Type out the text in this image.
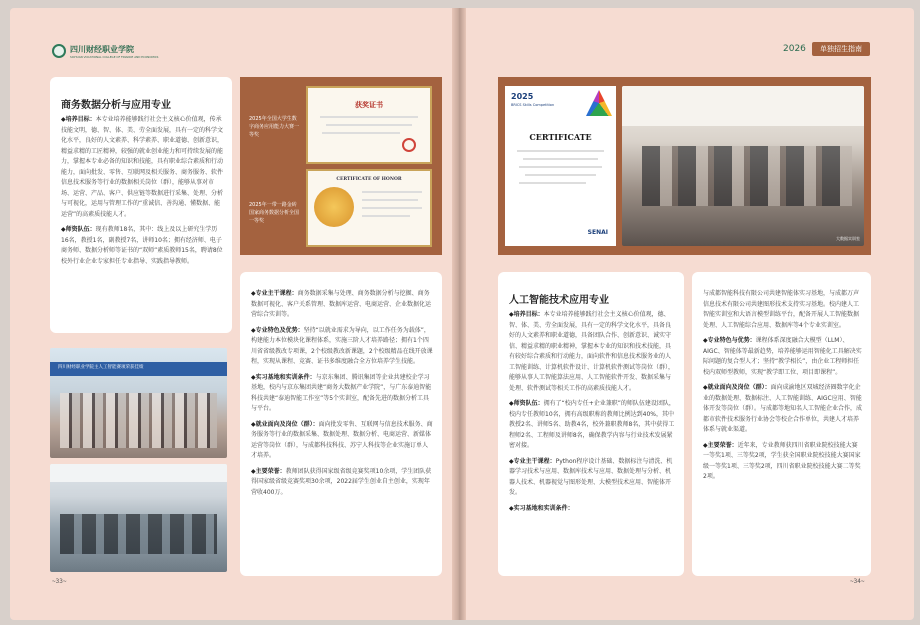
四川财经职业学院
SICHUAN VOCATIONAL COLLEGE OF FINANCE AND ECONOMICS
商务数据分析与应用专业

◆培养目标：本专业培养能够践行社会主义核心价值观，传承技能文明，德、智、体、美、劳全面发展，具有一定的科学文化水平，良好的人文素养、科学素养、职业道德、创新意识，精益求精的工匠精神，较强的就业创业能力和可持续发展的能力，掌握本专业必备的知识和技能，具有职业综合素质和行动能力，面向批发、零售、互联网及相关服务、商务服务、软件信息技术服务等行业的数据相关岗位（群），能够从事对市场、运营、产品、客户、供应链等数据进行采集、处理、分析与可视化，运用与管理工作的“重诚信、善沟通、懂数据、能运营”的高素质技能人才。

◆师资队伍：现有教师18名，其中：线上及以上研究生学历16名，教授1名，副教授7名，讲师10名；拥有经济师、电子商务师、数据分析师等证书的“双师”素质教师15名，聘请8位校外行业企业专家担任专业指导、实践指导教师。

2025年全国大学生数字商务应用能力大赛一等奖
2025年一带一路金砖国家商务数据分析全国一等奖
获奖证书
CERTIFICATE OF HONOR

◆专业主干课程：商务数据采集与处理、商务数据分析与挖掘、商务数据可视化、客户关系管理、数据库运营、电商运营、企业数据化运营综合实训等。

◆专业特色及优势：坚持“以就业需求为导向，以工作任务为载体”，构建能力本位模块化课程体系，实施三阶人才培养路径；拥有1个四川省省级教改专项课，2个校级教改新课题，2个校级精品在线开放课程，实现从课程、竞赛、证书多维度融合全方位培养学生技能。

◆实习基地和实训条件：与京东集团、腾讯集团等企业共建校企学习基地，校内与京东集团共建“商务大数据产业学院”，与广东泰迪智能科技共建“泰迪智能工作室”等5个实训室，配备先进的数据分析工具与平台。

◆就业面向及岗位（群）：面向批发零售、互联网与信息技术服务、商务服务等行业的数据采集、数据处理、数据分析、电商运营、新媒体运营等岗位（群），与成都科技科技、苏宁人科技等企业实施订单人才培养。

◆主要荣誉：教师团队获得国家级省级竞赛奖项10余项，学生团队获得国家级省级竞赛奖项30余项，2022届学生创业自主创业，实现年营收400万。

四川财经职业学院主人工智能赛项荣获佳绩
~33~
2026	单独招生指南
2025
BRICS Skills Competition
CERTIFICATE
SENAI
大数据实训室
人工智能技术应用专业

◆培养目标：本专业培养能够践行社会主义核心价值观，德、智、体、美、劳全面发展，具有一定的科学文化水平，具备良好的人文素养和职业道德，具备团队合作、创新意识、诚实守信、精益求精的职业精神，掌握本专业的知识和技术技能，具有较好综合素质和行动能力，面向软件和信息技术服务业的人工智能训练、计算机软件设计、计算机软件测试等岗位（群），能够从事人工智能算法应用、人工智能软件开发、数据采集与处理、软件测试等相关工作的高素质技能人才。

◆师资队伍：拥有了“校内专任+企业兼职”的师队伍建设团队，校内专任教师10名，拥有高级职称的教师比例达到40%，其中教授2名、讲师5名、助教4名，校外兼职教师8名，其中获得工程师2名、工程师及讲师8名，确保教学内容与行业技术发展紧密对接。

◆专业主干课程：Python程序设计基础、数据标注与清洗、机器学习技术与应用、数据库技术与应用、数据处理与分析、机器人技术、机器视觉与图形处理、大模型技术应用、智能体开发。

◆实习基地和实训条件：

与成都智能科技有限公司共建智能体实习基地，与成都万声信息技术有限公司共建图形技术支持实习基地。校内建人工智能实训室和大语言模型训练平台，配备开展人工智能数据处理、人工智能综合应用、数据库等4个专业实训室。

◆专业特色与优势：课程体系深度融合大模型（LLM）、AIGC、智能体等最新趋势，培养能够运用智能化工具解决实际问题的复合型人才；坚持“教学相长”，由企业工程师担任校内双师型教师，实现“教学即工位、项目即课程”。

◆就业面向及岗位（群）：面向成渝地区双城经济圈数字化企业的数据处理、数据标注、人工智能训练、AIGC应用、智能体开发等岗位（群）。与成都等地知名人工智能企业合作，成都市软件技术服务行业协会等校企合作单位，共建人才培养体系与就业渠道。

◆主要荣誉：近年来，专业教师获四川省职业院校技能大赛一等奖1项、三等奖2项，学生获全国职业院校技能大赛国家级一等奖1项、三等奖2项，四川省职业院校技能大赛二等奖2项。

~34~
